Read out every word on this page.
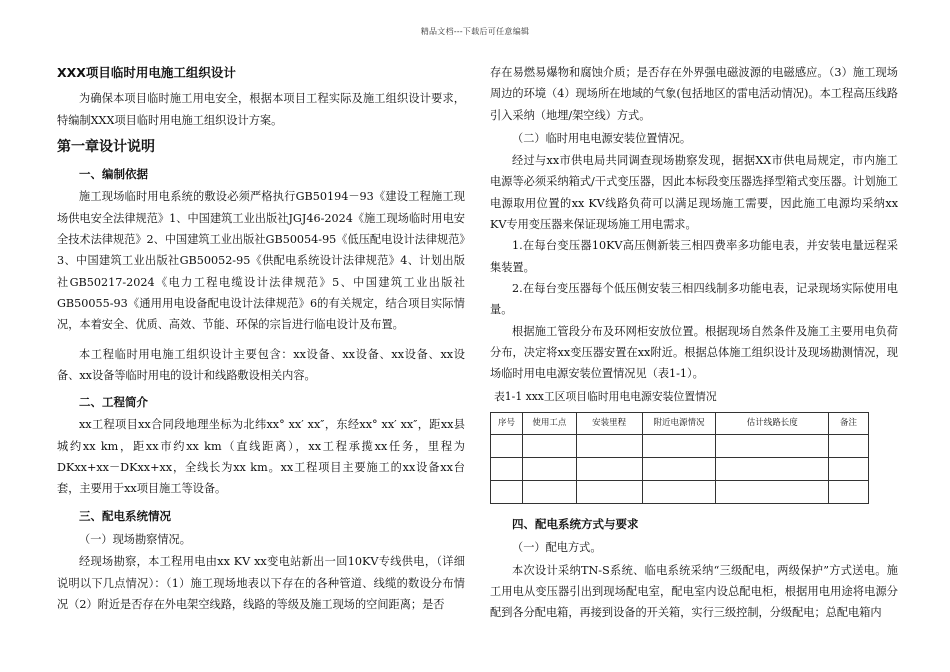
精品文档---下载后可任意编辑

XXX项目临时用电施工组织设计

为确保本项目临时施工用电安全，根据本项目工程实际及施工组织设计要求，特编制XXX项目临时用电施工组织设计方案。

第一章设计说明

一、编制依据

施工现场临时用电系统的敷设必须严格执行GB50194－93《建设工程施工现场供电安全法律规范》1、中国建筑工业出版社JGJ46-2024《施工现场临时用电安全技术法律规范》2、中国建筑工业出版社GB50054-95《低压配电设计法律规范》3、中国建筑工业出版社GB50052-95《供配电系统设计法律规范》4、计划出版社GB50217-2024《电力工程电缆设计法律规范》5、中国建筑工业出版社GB50055-93《通用用电设备配电设计法律规范》6的有关规定，结合项目实际情况，本着安全、优质、高效、节能、环保的宗旨进行临电设计及布置。

本工程临时用电施工组织设计主要包含：xx设备、xx设备、xx设备、xx设备、xx设备等临时用电的设计和线路敷设相关内容。

二、工程简介

xx工程项目xx合同段地理坐标为北纬xx° xx′ xx″，东经xx° xx′ xx″，距xx县城约xx km，距xx市约xx km（直线距离），xx工程承揽xx任务，里程为DKxx+xx－DKxx+xx，全线长为xx km。xx工程项目主要施工的xx设备xx台套，主要用于xx项目施工等设备。

三、配电系统情况

（一）现场勘察情况。

经现场勘察，本工程用电由xx KV xx变电站新出一回10KV专线供电，（详细说明以下几点情况）：（1）施工现场地表以下存在的各种管道、线缆的数设分布情况（2）附近是否存在外电架空线路，线路的等级及施工现场的空间距离；是否

存在易燃易爆物和腐蚀介质；是否存在外界强电磁波源的电磁感应。（3）施工现场周边的环境（4）现场所在地域的气象(包括地区的雷电活动情况)。本工程高压线路引入采纳（地埋/架空线）方式。

（二）临时用电电源安装位置情况。

经过与xx市供电局共同调查现场勘察发现，据据XX市供电局规定，市内施工电源等必须采纳箱式/干式变压器，因此本标段变压器选择型箱式变压器。计划施工电源取用位置的xx KV线路负荷可以满足现场施工需要，因此施工电源均采纳xx KV专用变压器来保证现场施工用电需求。

1.在每台变压器10KV高压侧新装三相四费率多功能电表，并安装电量远程采集装置。

2.在每台变压器每个低压侧安装三相四线制多功能电表，记录现场实际使用电量。

根据施工管段分布及环网柜安放位置。根据现场自然条件及施工主要用电负荷分布，决定将xx变压器安置在xx附近。根据总体施工组织设计及现场勘测情况，现场临时用电电源安装位置情况见（表1-1）。

表1-1 xxx工区项目临时用电电源安装位置情况

序号	使用工点	安装里程	附近电源情况	估计线路长度	备注

四、配电系统方式与要求

（一）配电方式。

本次设计采纳TN-S系统、临电系统采纳“三级配电，两级保护”方式送电。施工用电从变压器引出到现场配电室，配电室内设总配电柜，根据用电用途将电源分配到各分配电箱，再接到设备的开关箱，实行三级控制，分级配电；总配电箱内
